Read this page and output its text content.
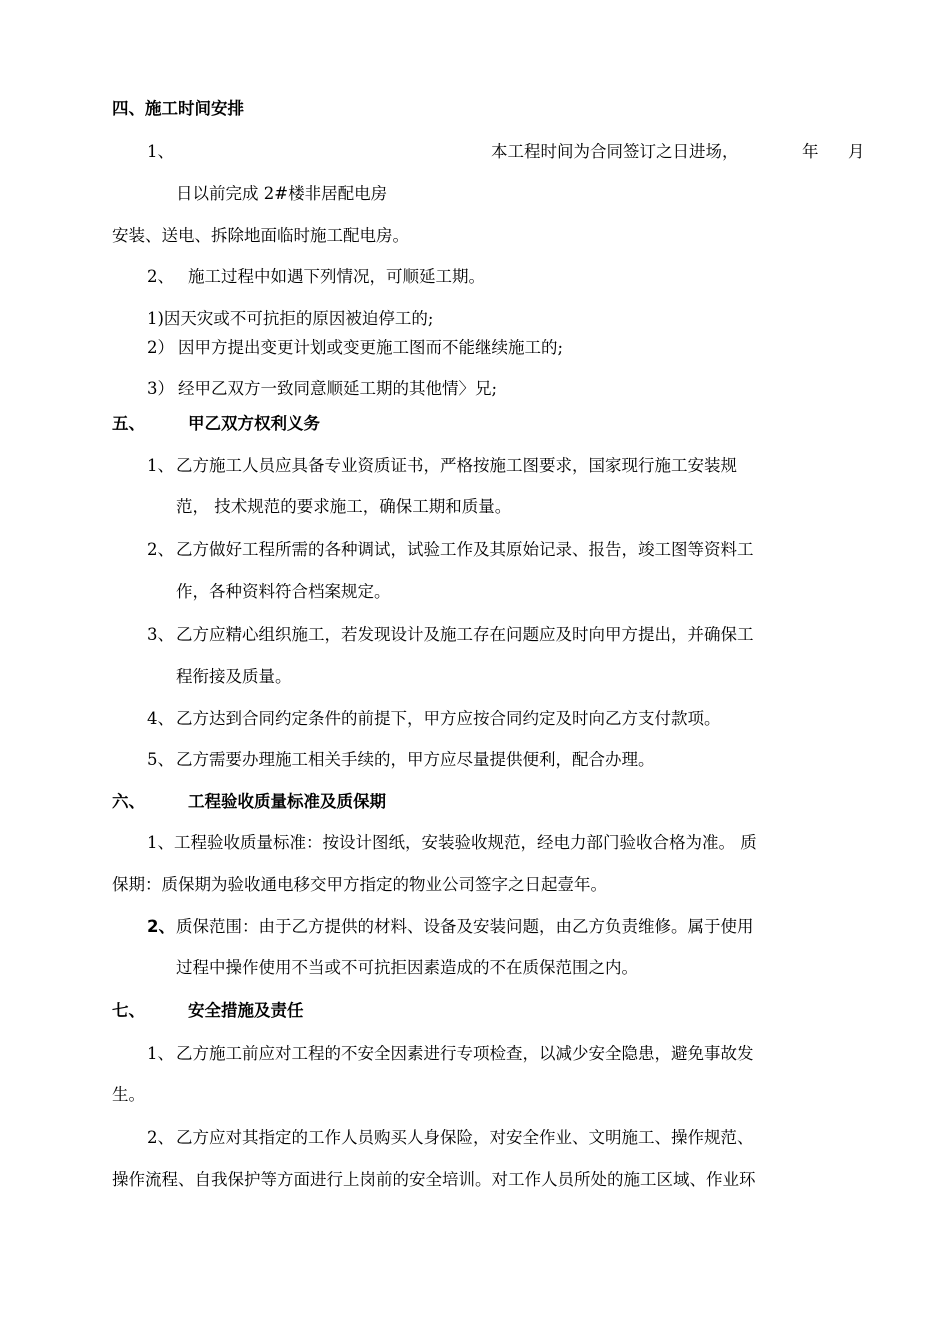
四、施工时间安排
1、	本工程时间为合同签订之日进场，	年 月
日以前完成 2#楼非居配电房
安装、送电、拆除地面临时施工配电房。
2、 施工过程中如遇下列情况，可顺延工期。
1)因天灾或不可抗拒的原因被迫停工的;
2） 因甲方提出变更计划或变更施工图而不能继续施工的;
3） 经甲乙双方一致同意顺延工期的其他情〉兄;
五、	甲乙双方权利义务
1、 乙方施工人员应具备专业资质证书，严格按施工图要求，国家现行施工安装规
范， 技术规范的要求施工，确保工期和质量。
2、 乙方做好工程所需的各种调试，试验工作及其原始记录、报告，竣工图等资料工
作，各种资料符合档案规定。
3、 乙方应精心组织施工，若发现设计及施工存在问题应及时向甲方提出，并确保工
程衔接及质量。
4、 乙方达到合同约定条件的前提下，甲方应按合同约定及时向乙方支付款项。
5、 乙方需要办理施工相关手续的，甲方应尽量提供便利，配合办理。
六、	工程验收质量标准及质保期
1、工程验收质量标准：按设计图纸，安装验收规范，经电力部门验收合格为准。 质
保期：质保期为验收通电移交甲方指定的物业公司签字之日起壹年。
2、 质保范围：由于乙方提供的材料、设备及安装问题，由乙方负责维修。属于使用
过程中操作使用不当或不可抗拒因素造成的不在质保范围之内。
七、	安全措施及责任
1、 乙方施工前应对工程的不安全因素进行专项检查，以减少安全隐患，避免事故发
生。
2、 乙方应对其指定的工作人员购买人身保险，对安全作业、文明施工、操作规范、
操作流程、自我保护等方面进行上岗前的安全培训。对工作人员所处的施工区域、作业环
